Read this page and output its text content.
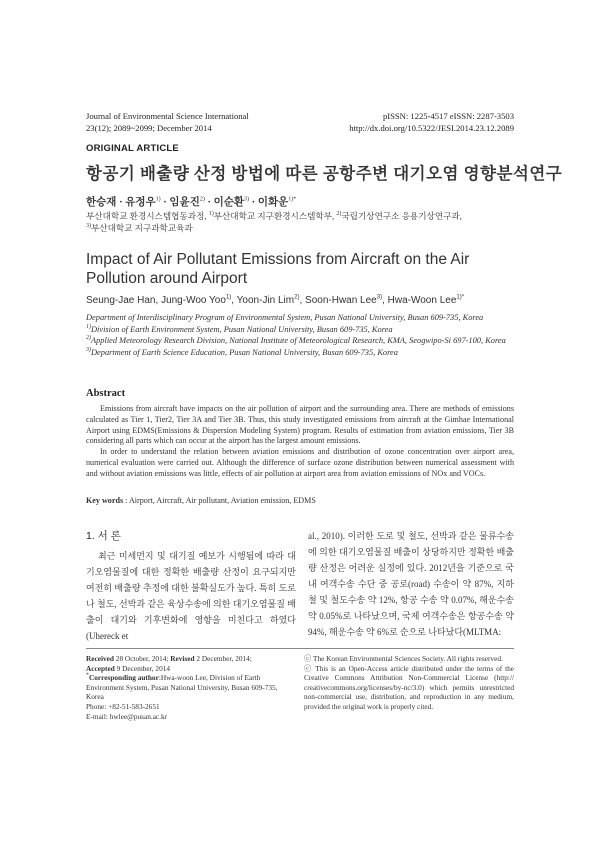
Journal of Environmental Science International
23(12); 2089~2099; December 2014
pISSN: 1225-4517 eISSN: 2287-3503
http://dx.doi.org/10.5322/JESI.2014.23.12.2089
ORIGINAL ARTICLE
항공기 배출량 산정 방법에 따른 공항주변 대기오염 영향분석연구
한승재 · 유정우$^{1)}$ · 임윤진$^{2)}$ · 이순환$^{3)}$ · 이화운$^{1)*}$
부산대학교 환경시스템협동과정, $^{1)}$부산대학교 지구환경시스템학부, $^{2)}$국립기상연구소 응용기상연구과,
$^{3)}$부산대학교 지구과학교육과
Impact of Air Pollutant Emissions from Aircraft on the Air Pollution around Airport
Seung-Jae Han, Jung-Woo Yoo$^{1)}$, Yoon-Jin Lim$^{2)}$, Soon-Hwan Lee$^{3)}$, Hwa-Woon Lee$^{1)*}$
Department of Interdisciplinary Program of Environmental System, Pusan National University, Busan 609-735, Korea
$^{1)}$Division of Earth Environment System, Pusan National University, Busan 609-735, Korea
$^{2)}$Applied Meteorology Research Division, National Institute of Meteorological Research, KMA, Seogwipo-Si 697-100, Korea
$^{3)}$Department of Earth Science Education, Pusan National University, Busan 609-735, Korea
Abstract

Emissions from aircraft have impacts on the air pollution of airport and the surrounding area. There are methods of emissions calculated as Tier 1, Tier2, Tier 3A and Tier 3B. Thus, this study investigated emissions from aircraft at the Gimhae International Airport using EDMS(Emissions & Dispersion Modeling System) program. Results of estimation from aviation emissions, Tier 3B considering all parts which can occur at the airport has the largest amount emissions.

In order to understand the relation between aviation emissions and distribution of ozone concentration over airport area, numerical evaluation were carried out. Although the difference of surface ozone distribution between numerical assessment with and without aviation emissions was little, effects of air pollution at airport area from aviation emissions of NOx and VOCs.

Key words : Airport, Aircraft, Air pollutant, Aviation emission, EDMS
1. 서 론
최근 미세먼지 및 대기질 예보가 시행됨에 따라 대기오염물질에 대한 정확한 배출량 산정이 요구되지만 여전히 배출량 추정에 대한 불확실도가 높다. 특히 도로나 철도, 선박과 같은 육상수송에 의한 대기오염물질 배출이 대기와 기후변화에 영향을 미친다고 하였다(Uhereck et
al., 2010). 이러한 도로 및 철도, 선박과 같은 물류수송에 의한 대기오염물질 배출이 상당하지만 정확한 배출량 산정은 어려운 실정에 있다. 2012년을 기준으로 국내 여객수송 수단 중 공로(road) 수송이 약 87%, 지하철 및 철도수송 약 12%, 항공 수송 약 0.07%, 해운수송 약 0.05%로 나타났으며, 국제 여객수송은 항공수송 약 94%, 해운수송 약 6%로 순으로 나타났다(MLTMA:
Received 28 October, 2014; Revised 2 December, 2014;
Accepted 9 December, 2014
*Corresponding author:Hwa-woon Lee, Division of Earth Environment System, Pusan National University, Busan 609-735, Korea
Phone: +82-51-583-2651
E-mail: hwlee@pusan.ac.kr
ⓒ The Korean Environmental Sciences Society. All rights reserved.
ⓒ This is an Open-Access article distributed under the terms of the Creative Commons Attribution Non-Commercial License (http:// creativecommons.org/licenses/by-nc/3.0) which permits unrestricted non-commercial use, distribution, and reproduction in any medium, provided the original work is properly cited.
